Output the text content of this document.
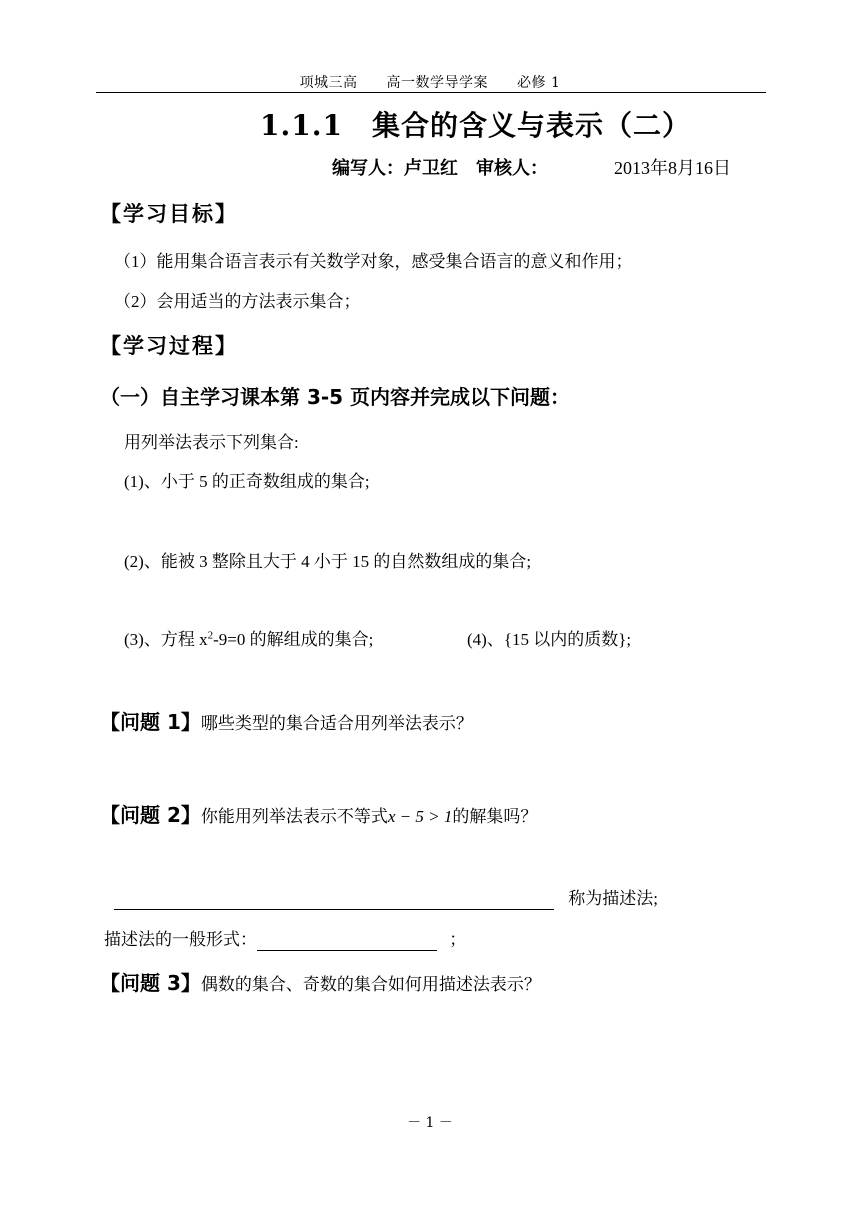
项城三高　　高一数学导学案　　必修 1
1.1.1　集合的含义与表示（二）
编写人：卢卫红　审核人：	2013年8月16日
【学习目标】
（1）能用集合语言表示有关数学对象，感受集合语言的意义和作用；
（2）会用适当的方法表示集合；
【学习过程】
（一）自主学习课本第 3-5 页内容并完成以下问题：
用列举法表示下列集合:
(1)、小于 5 的正奇数组成的集合;
(2)、能被 3 整除且大于 4 小于 15 的自然数组成的集合;
(3)、方程 $x^2-9=0$ 的解组成的集合;	(4)、{15 以内的质数};
【问题 1】哪些类型的集合适合用列举法表示？
【问题 2】你能用列举法表示不等式x − 5 > 1的解集吗？
称为描述法;
描述法的一般形式：	；
【问题 3】偶数的集合、奇数的集合如何用描述法表示？
－ 1 －
